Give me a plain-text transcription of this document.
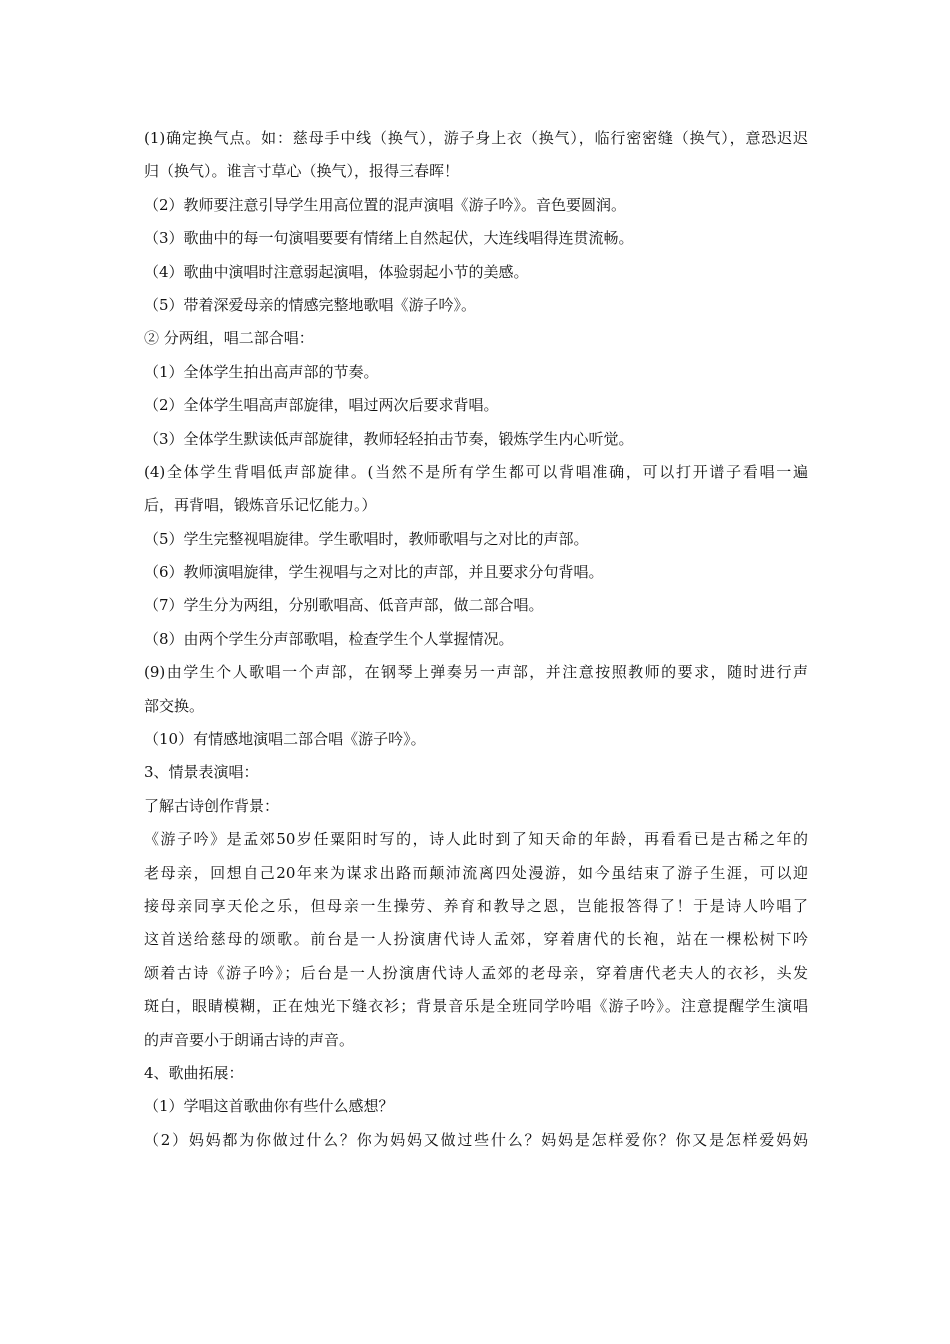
(1)确定换气点。如：慈母手中线（换气），游子身上衣（换气），临行密密缝（换气），意恐迟迟
归（换气）。谁言寸草心（换气），报得三春晖！
（2）教师要注意引导学生用高位置的混声演唱《游子吟》。音色要圆润。
（3）歌曲中的每一句演唱要要有情绪上自然起伏，大连线唱得连贯流畅。
（4）歌曲中演唱时注意弱起演唱，体验弱起小节的美感。
（5）带着深爱母亲的情感完整地歌唱《游子吟》。
② 分两组，唱二部合唱：
（1）全体学生拍出高声部的节奏。
（2）全体学生唱高声部旋律，唱过两次后要求背唱。
（3）全体学生默读低声部旋律，教师轻轻拍击节奏，锻炼学生内心听觉。
(4)全体学生背唱低声部旋律。(当然不是所有学生都可以背唱准确，可以打开谱子看唱一遍
后，再背唱，锻炼音乐记忆能力。）
（5）学生完整视唱旋律。学生歌唱时，教师歌唱与之对比的声部。
（6）教师演唱旋律，学生视唱与之对比的声部，并且要求分句背唱。
（7）学生分为两组，分别歌唱高、低音声部，做二部合唱。
（8）由两个学生分声部歌唱，检查学生个人掌握情况。
(9)由学生个人歌唱一个声部，在钢琴上弹奏另一声部，并注意按照教师的要求，随时进行声
部交换。
（10）有情感地演唱二部合唱《游子吟》。
3、情景表演唱：
了解古诗创作背景：
《游子吟》是孟郊50岁任粟阳时写的，诗人此时到了知天命的年龄，再看看已是古稀之年的
老母亲，回想自己20年来为谋求出路而颠沛流离四处漫游，如今虽结束了游子生涯，可以迎
接母亲同享天伦之乐，但母亲一生操劳、养育和教导之恩，岂能报答得了！于是诗人吟唱了
这首送给慈母的颂歌。前台是一人扮演唐代诗人孟郊，穿着唐代的长袍，站在一棵松树下吟
颂着古诗《游子吟》；后台是一人扮演唐代诗人孟郊的老母亲，穿着唐代老夫人的衣衫，头发
斑白，眼睛模糊，正在烛光下缝衣衫；背景音乐是全班同学吟唱《游子吟》。注意提醒学生演唱
的声音要小于朗诵古诗的声音。
4、歌曲拓展：
（1）学唱这首歌曲你有些什么感想？
（2）妈妈都为你做过什么？你为妈妈又做过些什么？妈妈是怎样爱你？你又是怎样爱妈妈
